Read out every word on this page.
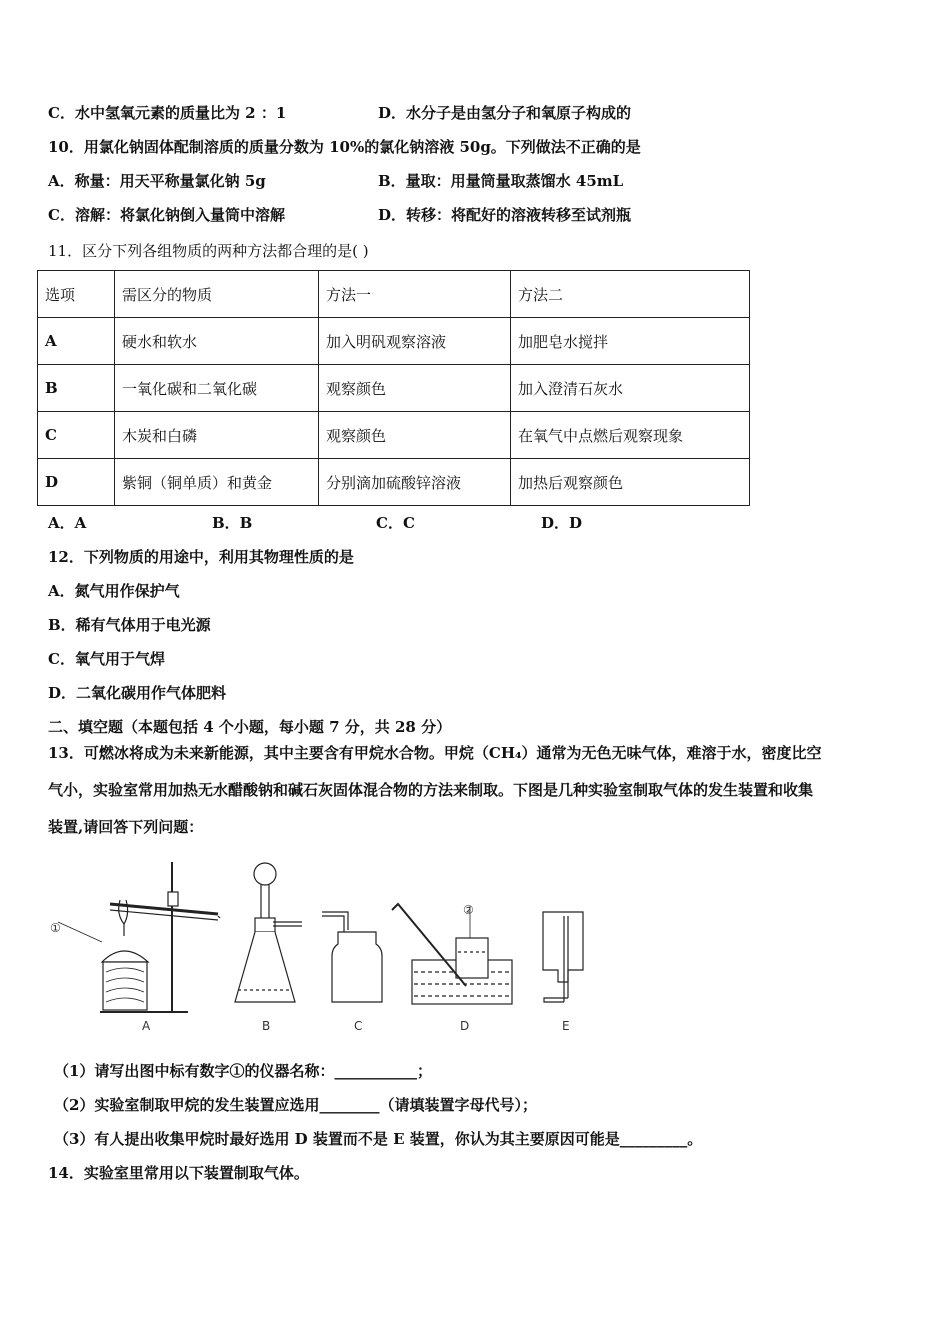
C．水中氢氧元素的质量比为 2 ：1	D．水分子是由氢分子和氧原子构成的
10．用氯化钠固体配制溶质的质量分数为 10%的氯化钠溶液 50g。下列做法不正确的是
A．称量：用天平称量氯化钠 5g	B．量取：用量筒量取蒸馏水 45mL
C．溶解：将氯化钠倒入量筒中溶解	D．转移：将配好的溶液转移至试剂瓶
11．区分下列各组物质的两种方法都合理的是( )
选项	需区分的物质	方法一	方法二
A	硬水和软水	加入明矾观察溶液	加肥皂水搅拌
B	一氧化碳和二氧化碳	观察颜色	加入澄清石灰水
C	木炭和白磷	观察颜色	在氧气中点燃后观察现象
D	紫铜（铜单质）和黄金	分别滴加硫酸锌溶液	加热后观察颜色
A．A	B．B	C．C	D．D
12．下列物质的用途中，利用其物理性质的是
A．氮气用作保护气
B．稀有气体用于电光源
C．氧气用于气焊
D．二氧化碳用作气体肥料
二、填空题（本题包括 4 个小题，每小题 7 分，共 28 分）
13．可燃冰将成为未来新能源，其中主要含有甲烷水合物。甲烷（CH₄）通常为无色无味气体，难溶于水，密度比空
气小，实验室常用加热无水醋酸钠和碱石灰固体混合物的方法来制取。下图是几种实验室制取气体的发生装置和收集
装置,请回答下列问题：
①
②
A	B	C	D	E
（1）请写出图中标有数字①的仪器名称：___________；
（2）实验室制取甲烷的发生装置应选用________（请填装置字母代号）；
（3）有人提出收集甲烷时最好选用 D 装置而不是 E 装置，你认为其主要原因可能是_________。
14．实验室里常用以下装置制取气体。
